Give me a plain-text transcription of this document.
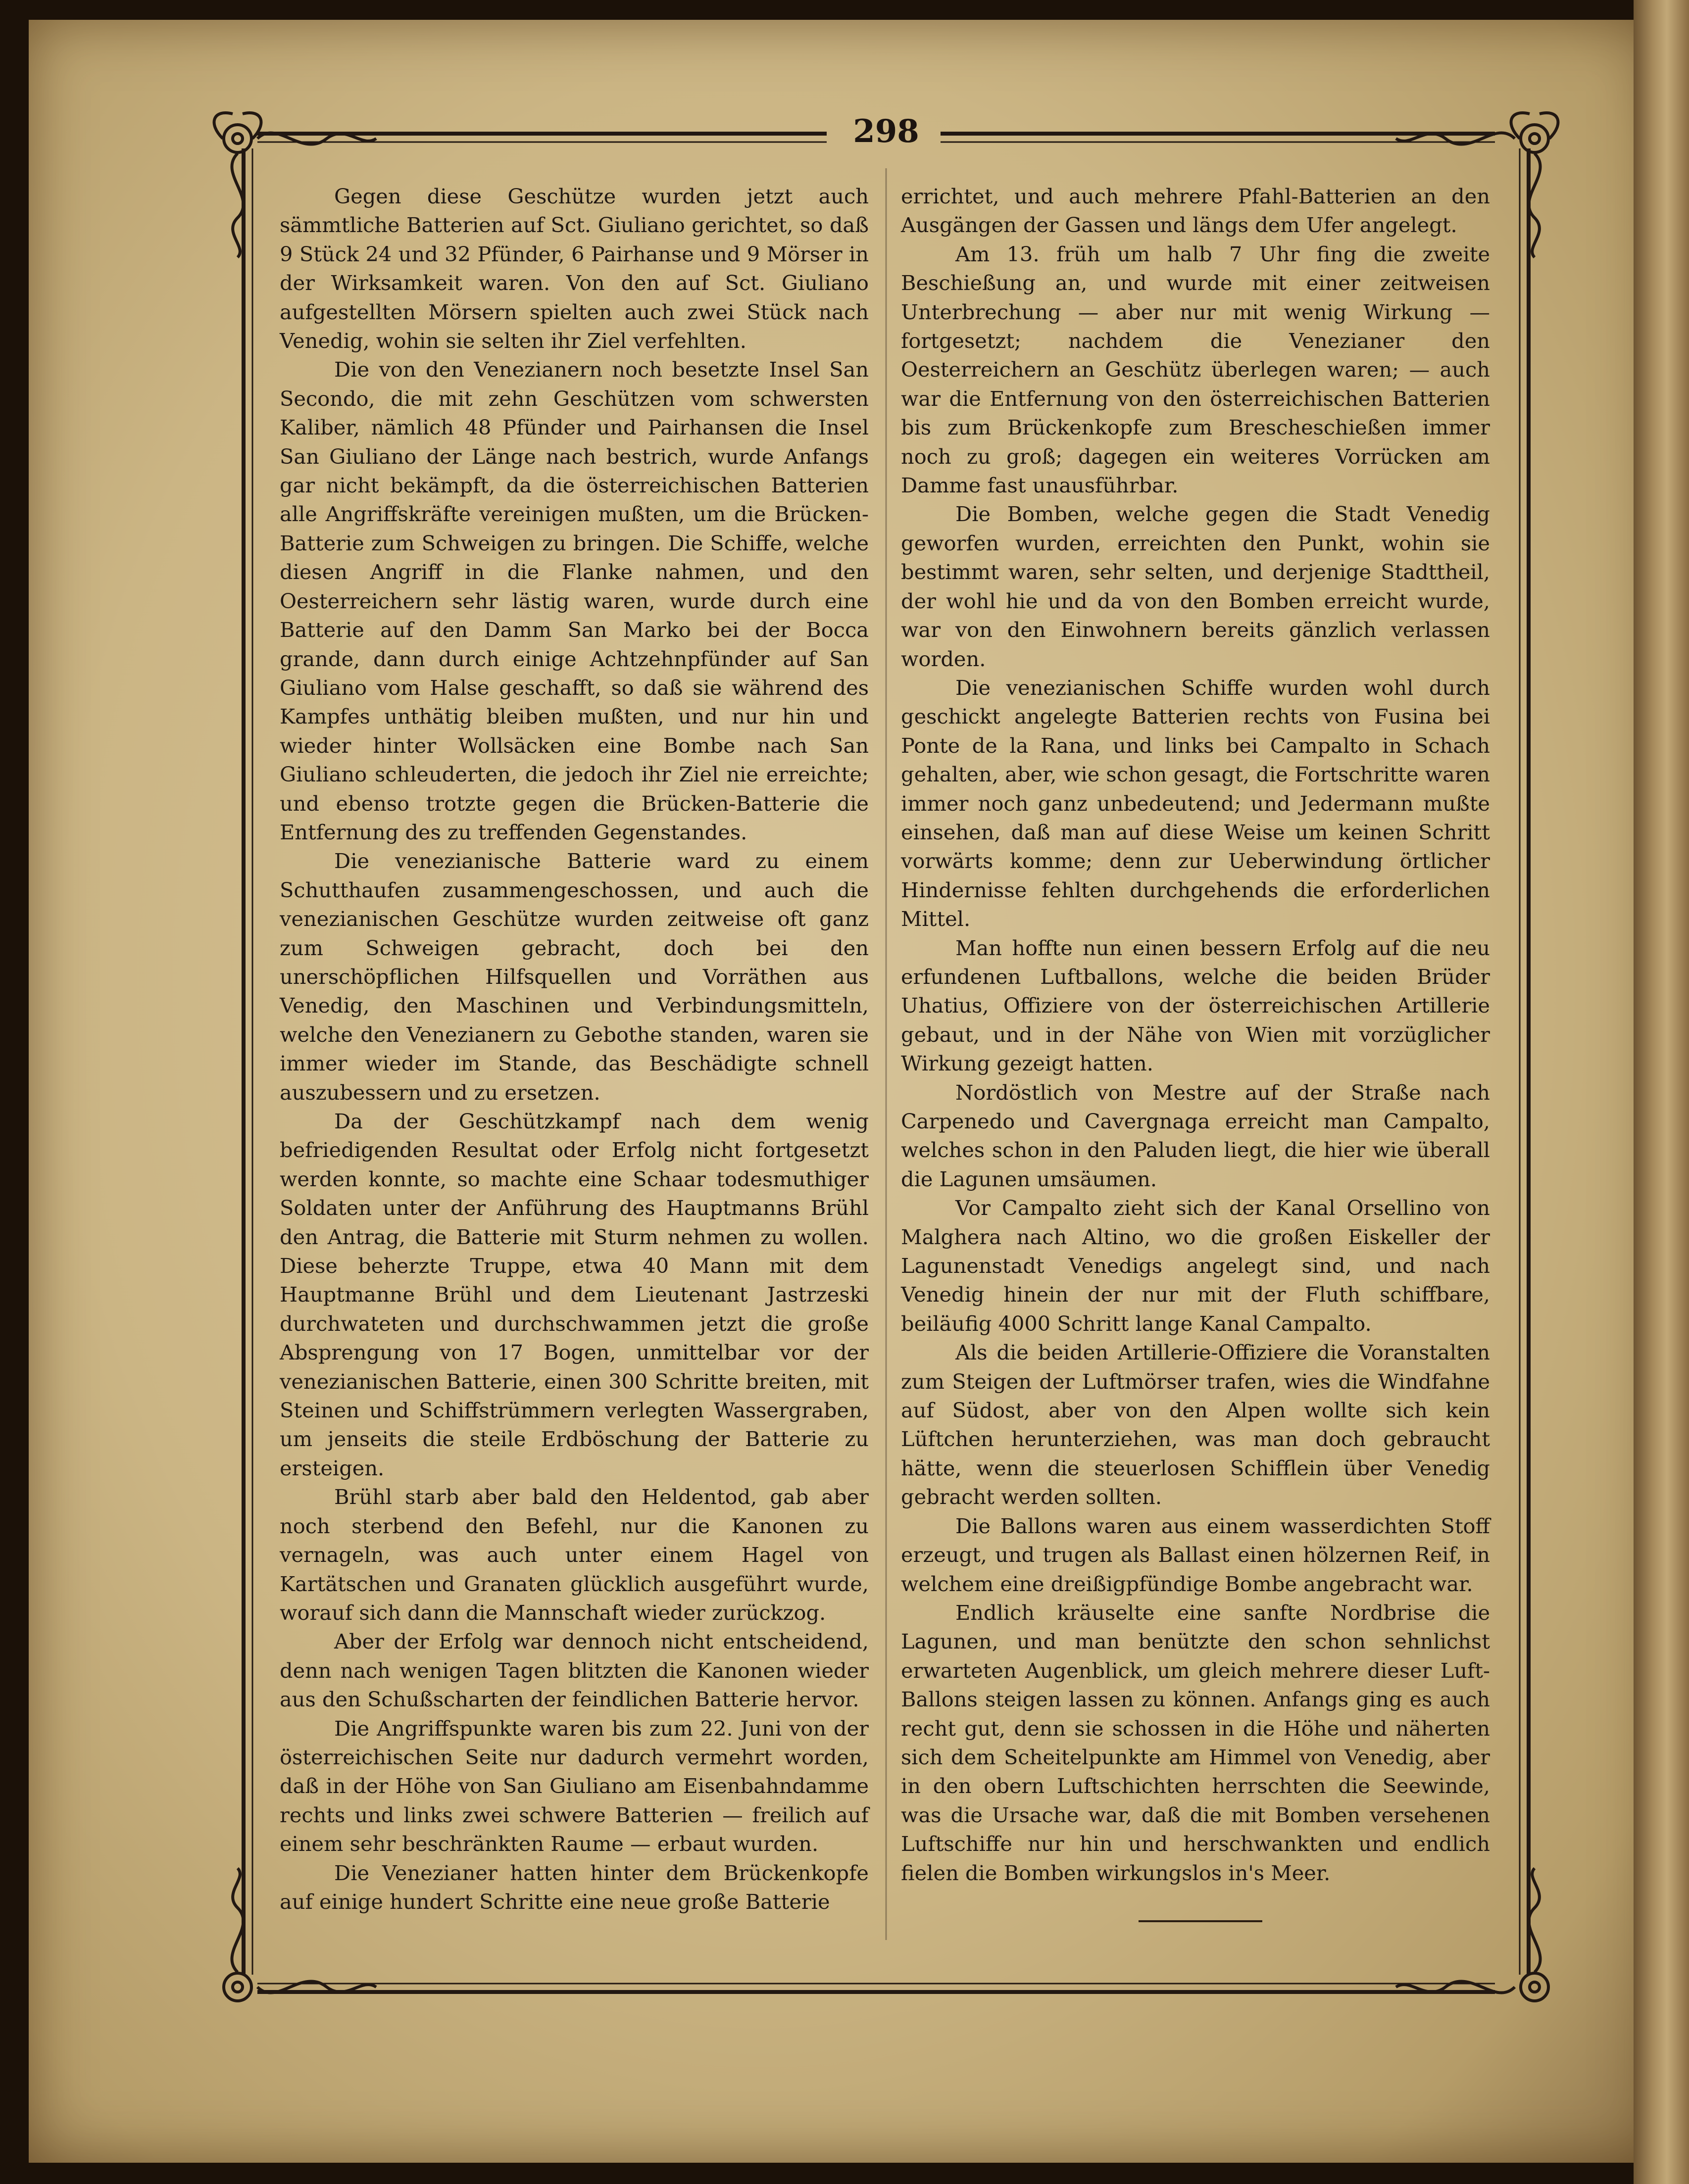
298

Gegen diese Geschütze wurden jetzt auch sämmtliche Batterien auf Sct. Giuliano gerichtet, so daß 9 Stück 24 und 32 Pfünder, 6 Pairhanse und 9 Mörser in der Wirksamkeit waren. Von den auf Sct. Giuliano aufgestellten Mörsern spielten auch zwei Stück nach Venedig, wohin sie selten ihr Ziel verfehlten.

Die von den Venezianern noch besetzte Insel San Secondo, die mit zehn Geschützen vom schwersten Kaliber, nämlich 48 Pfünder und Pairhansen die Insel San Giuliano der Länge nach bestrich, wurde Anfangs gar nicht bekämpft, da die österreichischen Batterien alle Angriffskräfte vereinigen mußten, um die Brücken-Batterie zum Schweigen zu bringen. Die Schiffe, welche diesen Angriff in die Flanke nahmen, und den Oesterreichern sehr lästig waren, wurde durch eine Batterie auf den Damm San Marko bei der Bocca grande, dann durch einige Achtzehnpfünder auf San Giuliano vom Halse geschafft, so daß sie während des Kampfes unthätig bleiben mußten, und nur hin und wieder hinter Wollsäcken eine Bombe nach San Giuliano schleuderten, die jedoch ihr Ziel nie erreichte; und ebenso trotzte gegen die Brücken-Batterie die Entfernung des zu treffenden Gegenstandes.

Die venezianische Batterie ward zu einem Schutthaufen zusammengeschossen, und auch die venezianischen Geschütze wurden zeitweise oft ganz zum Schweigen gebracht, doch bei den unerschöpflichen Hilfsquellen und Vorräthen aus Venedig, den Maschinen und Verbindungsmitteln, welche den Venezianern zu Gebothe standen, waren sie immer wieder im Stande, das Beschädigte schnell auszubessern und zu ersetzen.

Da der Geschützkampf nach dem wenig befriedigenden Resultat oder Erfolg nicht fortgesetzt werden konnte, so machte eine Schaar todesmuthiger Soldaten unter der Anführung des Hauptmanns Brühl den Antrag, die Batterie mit Sturm nehmen zu wollen. Diese beherzte Truppe, etwa 40 Mann mit dem Hauptmanne Brühl und dem Lieutenant Jastrzeski durchwateten und durchschwammen jetzt die große Absprengung von 17 Bogen, unmittelbar vor der venezianischen Batterie, einen 300 Schritte breiten, mit Steinen und Schiffstrümmern verlegten Wassergraben, um jenseits die steile Erdböschung der Batterie zu ersteigen.

Brühl starb aber bald den Heldentod, gab aber noch sterbend den Befehl, nur die Kanonen zu vernageln, was auch unter einem Hagel von Kartätschen und Granaten glücklich ausgeführt wurde, worauf sich dann die Mannschaft wieder zurückzog.

Aber der Erfolg war dennoch nicht entscheidend, denn nach wenigen Tagen blitzten die Kanonen wieder aus den Schußscharten der feindlichen Batterie hervor.

Die Angriffspunkte waren bis zum 22. Juni von der österreichischen Seite nur dadurch vermehrt worden, daß in der Höhe von San Giuliano am Eisenbahndamme rechts und links zwei schwere Batterien — freilich auf einem sehr beschränkten Raume — erbaut wurden.

Die Venezianer hatten hinter dem Brückenkopfe auf einige hundert Schritte eine neue große Batterie

errichtet, und auch mehrere Pfahl-Batterien an den Ausgängen der Gassen und längs dem Ufer angelegt.

Am 13. früh um halb 7 Uhr fing die zweite Beschießung an, und wurde mit einer zeitweisen Unterbrechung — aber nur mit wenig Wirkung — fortgesetzt; nachdem die Venezianer den Oesterreichern an Geschütz überlegen waren; — auch war die Entfernung von den österreichischen Batterien bis zum Brückenkopfe zum Brescheschießen immer noch zu groß; dagegen ein weiteres Vorrücken am Damme fast unausführbar.

Die Bomben, welche gegen die Stadt Venedig geworfen wurden, erreichten den Punkt, wohin sie bestimmt waren, sehr selten, und derjenige Stadttheil, der wohl hie und da von den Bomben erreicht wurde, war von den Einwohnern bereits gänzlich verlassen worden.

Die venezianischen Schiffe wurden wohl durch geschickt angelegte Batterien rechts von Fusina bei Ponte de la Rana, und links bei Campalto in Schach gehalten, aber, wie schon gesagt, die Fortschritte waren immer noch ganz unbedeutend; und Jedermann mußte einsehen, daß man auf diese Weise um keinen Schritt vorwärts komme; denn zur Ueberwindung örtlicher Hindernisse fehlten durchgehends die erforderlichen Mittel.

Man hoffte nun einen bessern Erfolg auf die neu erfundenen Luftballons, welche die beiden Brüder Uhatius, Offiziere von der österreichischen Artillerie gebaut, und in der Nähe von Wien mit vorzüglicher Wirkung gezeigt hatten.

Nordöstlich von Mestre auf der Straße nach Carpenedo und Cavergnaga erreicht man Campalto, welches schon in den Paluden liegt, die hier wie überall die Lagunen umsäumen.

Vor Campalto zieht sich der Kanal Orsellino von Malghera nach Altino, wo die großen Eiskeller der Lagunenstadt Venedigs angelegt sind, und nach Venedig hinein der nur mit der Fluth schiffbare, beiläufig 4000 Schritt lange Kanal Campalto.

Als die beiden Artillerie-Offiziere die Voranstalten zum Steigen der Luftmörser trafen, wies die Windfahne auf Südost, aber von den Alpen wollte sich kein Lüftchen herunterziehen, was man doch gebraucht hätte, wenn die steuerlosen Schifflein über Venedig gebracht werden sollten.

Die Ballons waren aus einem wasserdichten Stoff erzeugt, und trugen als Ballast einen hölzernen Reif, in welchem eine dreißigpfündige Bombe angebracht war.

Endlich kräuselte eine sanfte Nordbrise die Lagunen, und man benützte den schon sehnlichst erwarteten Augenblick, um gleich mehrere dieser Luft-Ballons steigen lassen zu können. Anfangs ging es auch recht gut, denn sie schossen in die Höhe und näherten sich dem Scheitelpunkte am Himmel von Venedig, aber in den obern Luftschichten herrschten die Seewinde, was die Ursache war, daß die mit Bomben versehenen Luftschiffe nur hin und herschwankten und endlich fielen die Bomben wirkungslos in's Meer.
